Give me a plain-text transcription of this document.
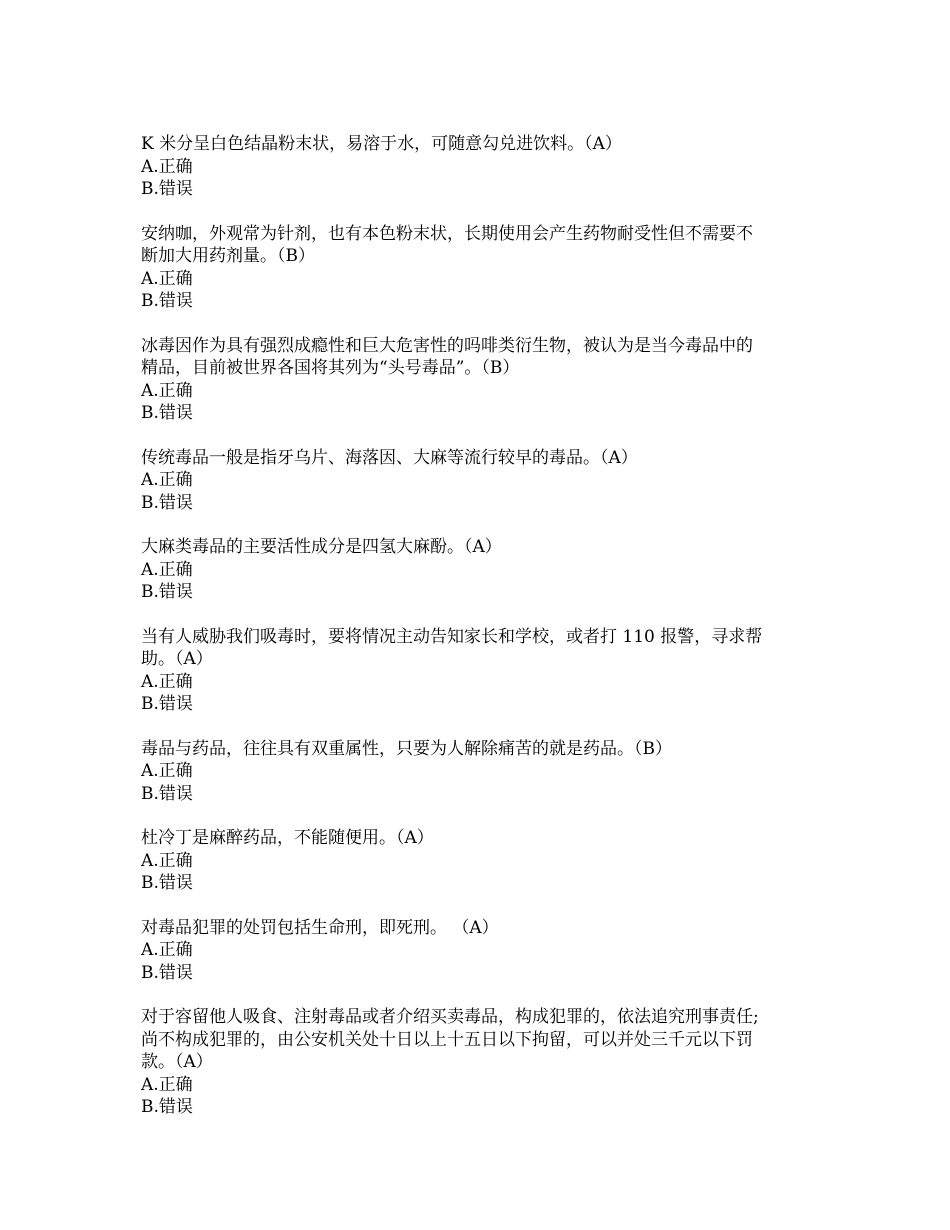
K 米分呈白色结晶粉末状，易溶于水，可随意勾兑进饮料。（A）

A.正确

B.错误

安纳咖，外观常为针剂，也有本色粉末状，长期使用会产生药物耐受性但不需要不

断加大用药剂量。（B）

A.正确

B.错误

冰毒因作为具有强烈成瘾性和巨大危害性的吗啡类衍生物，被认为是当今毒品中的

精品，目前被世界各国将其列为“头号毒品”。（B）

A.正确

B.错误

传统毒品一般是指牙乌片、海落因、大麻等流行较早的毒品。（A）

A.正确

B.错误

大麻类毒品的主要活性成分是四氢大麻酚。（A）

A.正确

B.错误

当有人威胁我们吸毒时，要将情况主动告知家长和学校，或者打 110 报警，寻求帮

助。（A）

A.正确

B.错误

毒品与药品，往往具有双重属性，只要为人解除痛苦的就是药品。（B）

A.正确

B.错误

杜冷丁是麻醉药品，不能随便用。（A）

A.正确

B.错误

对毒品犯罪的处罚包括生命刑，即死刑。 （A）

A.正确

B.错误

对于容留他人吸食、注射毒品或者介绍买卖毒品，构成犯罪的，依法追究刑事责任;

尚不构成犯罪的，由公安机关处十日以上十五日以下拘留，可以并处三千元以下罚

款。（A）

A.正确

B.错误
